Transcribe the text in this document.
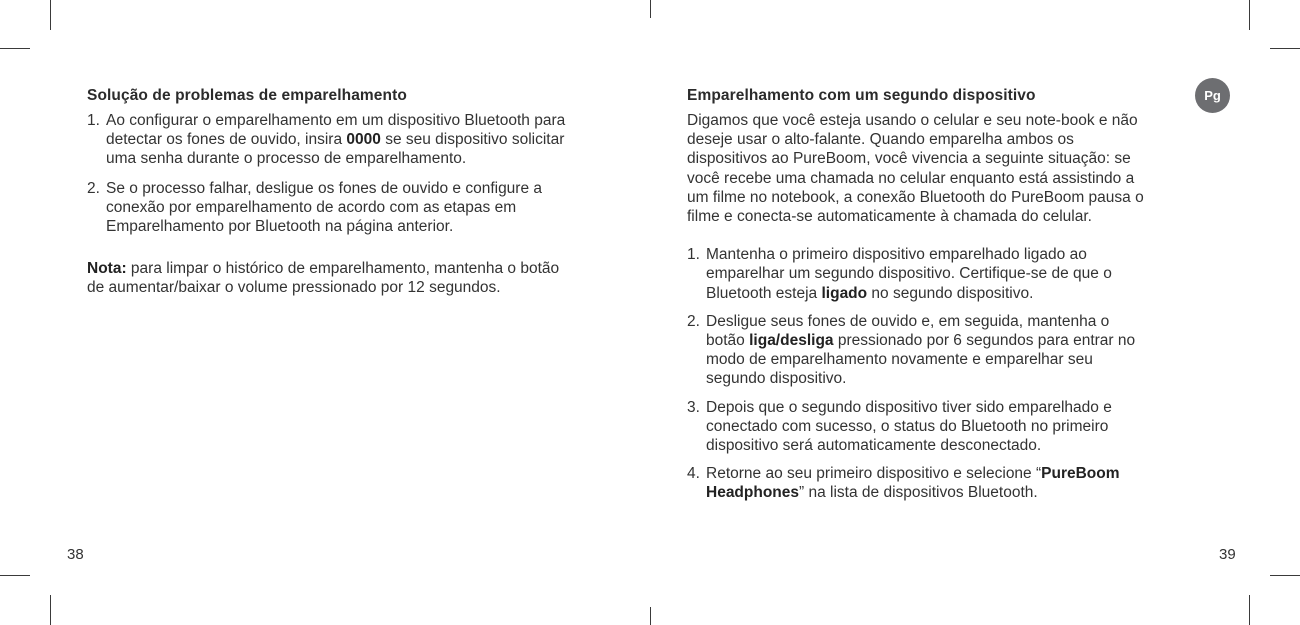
Solução de problemas de emparelhamento
1. Ao configurar o emparelhamento em um dispositivo Bluetooth para detectar os fones de ouvido, insira 0000 se seu dispositivo solicitar uma senha durante o processo de emparelhamento.
2. Se o processo falhar, desligue os fones de ouvido e configure a conexão por emparelhamento de acordo com as etapas em Emparelhamento por Bluetooth na página anterior.

Nota: para limpar o histórico de emparelhamento, mantenha o botão de aumentar/baixar o volume pressionado por 12 segundos.

38
Emparelhamento com um segundo dispositivo

Digamos que você esteja usando o celular e seu note-book e não deseje usar o alto-falante. Quando emparelha ambos os dispositivos ao PureBoom, você vivencia a seguinte situação: se você recebe uma chamada no celular enquanto está assistindo a um filme no notebook, a conexão Bluetooth do PureBoom pausa o filme e conecta-se automaticamente à chamada do celular.

1. Mantenha o primeiro dispositivo emparelhado ligado ao emparelhar um segundo dispositivo. Certifique-se de que o Bluetooth esteja ligado no segundo dispositivo.
2. Desligue seus fones de ouvido e, em seguida, mantenha o botão liga/desliga pressionado por 6 segundos para entrar no modo de emparelhamento novamente e emparelhar seu segundo dispositivo.
3. Depois que o segundo dispositivo tiver sido emparelhado e conectado com sucesso, o status do Bluetooth no primeiro dispositivo será automaticamente desconectado.
4. Retorne ao seu primeiro dispositivo e selecione “PureBoom Headphones” na lista de dispositivos Bluetooth.
Pg
39
